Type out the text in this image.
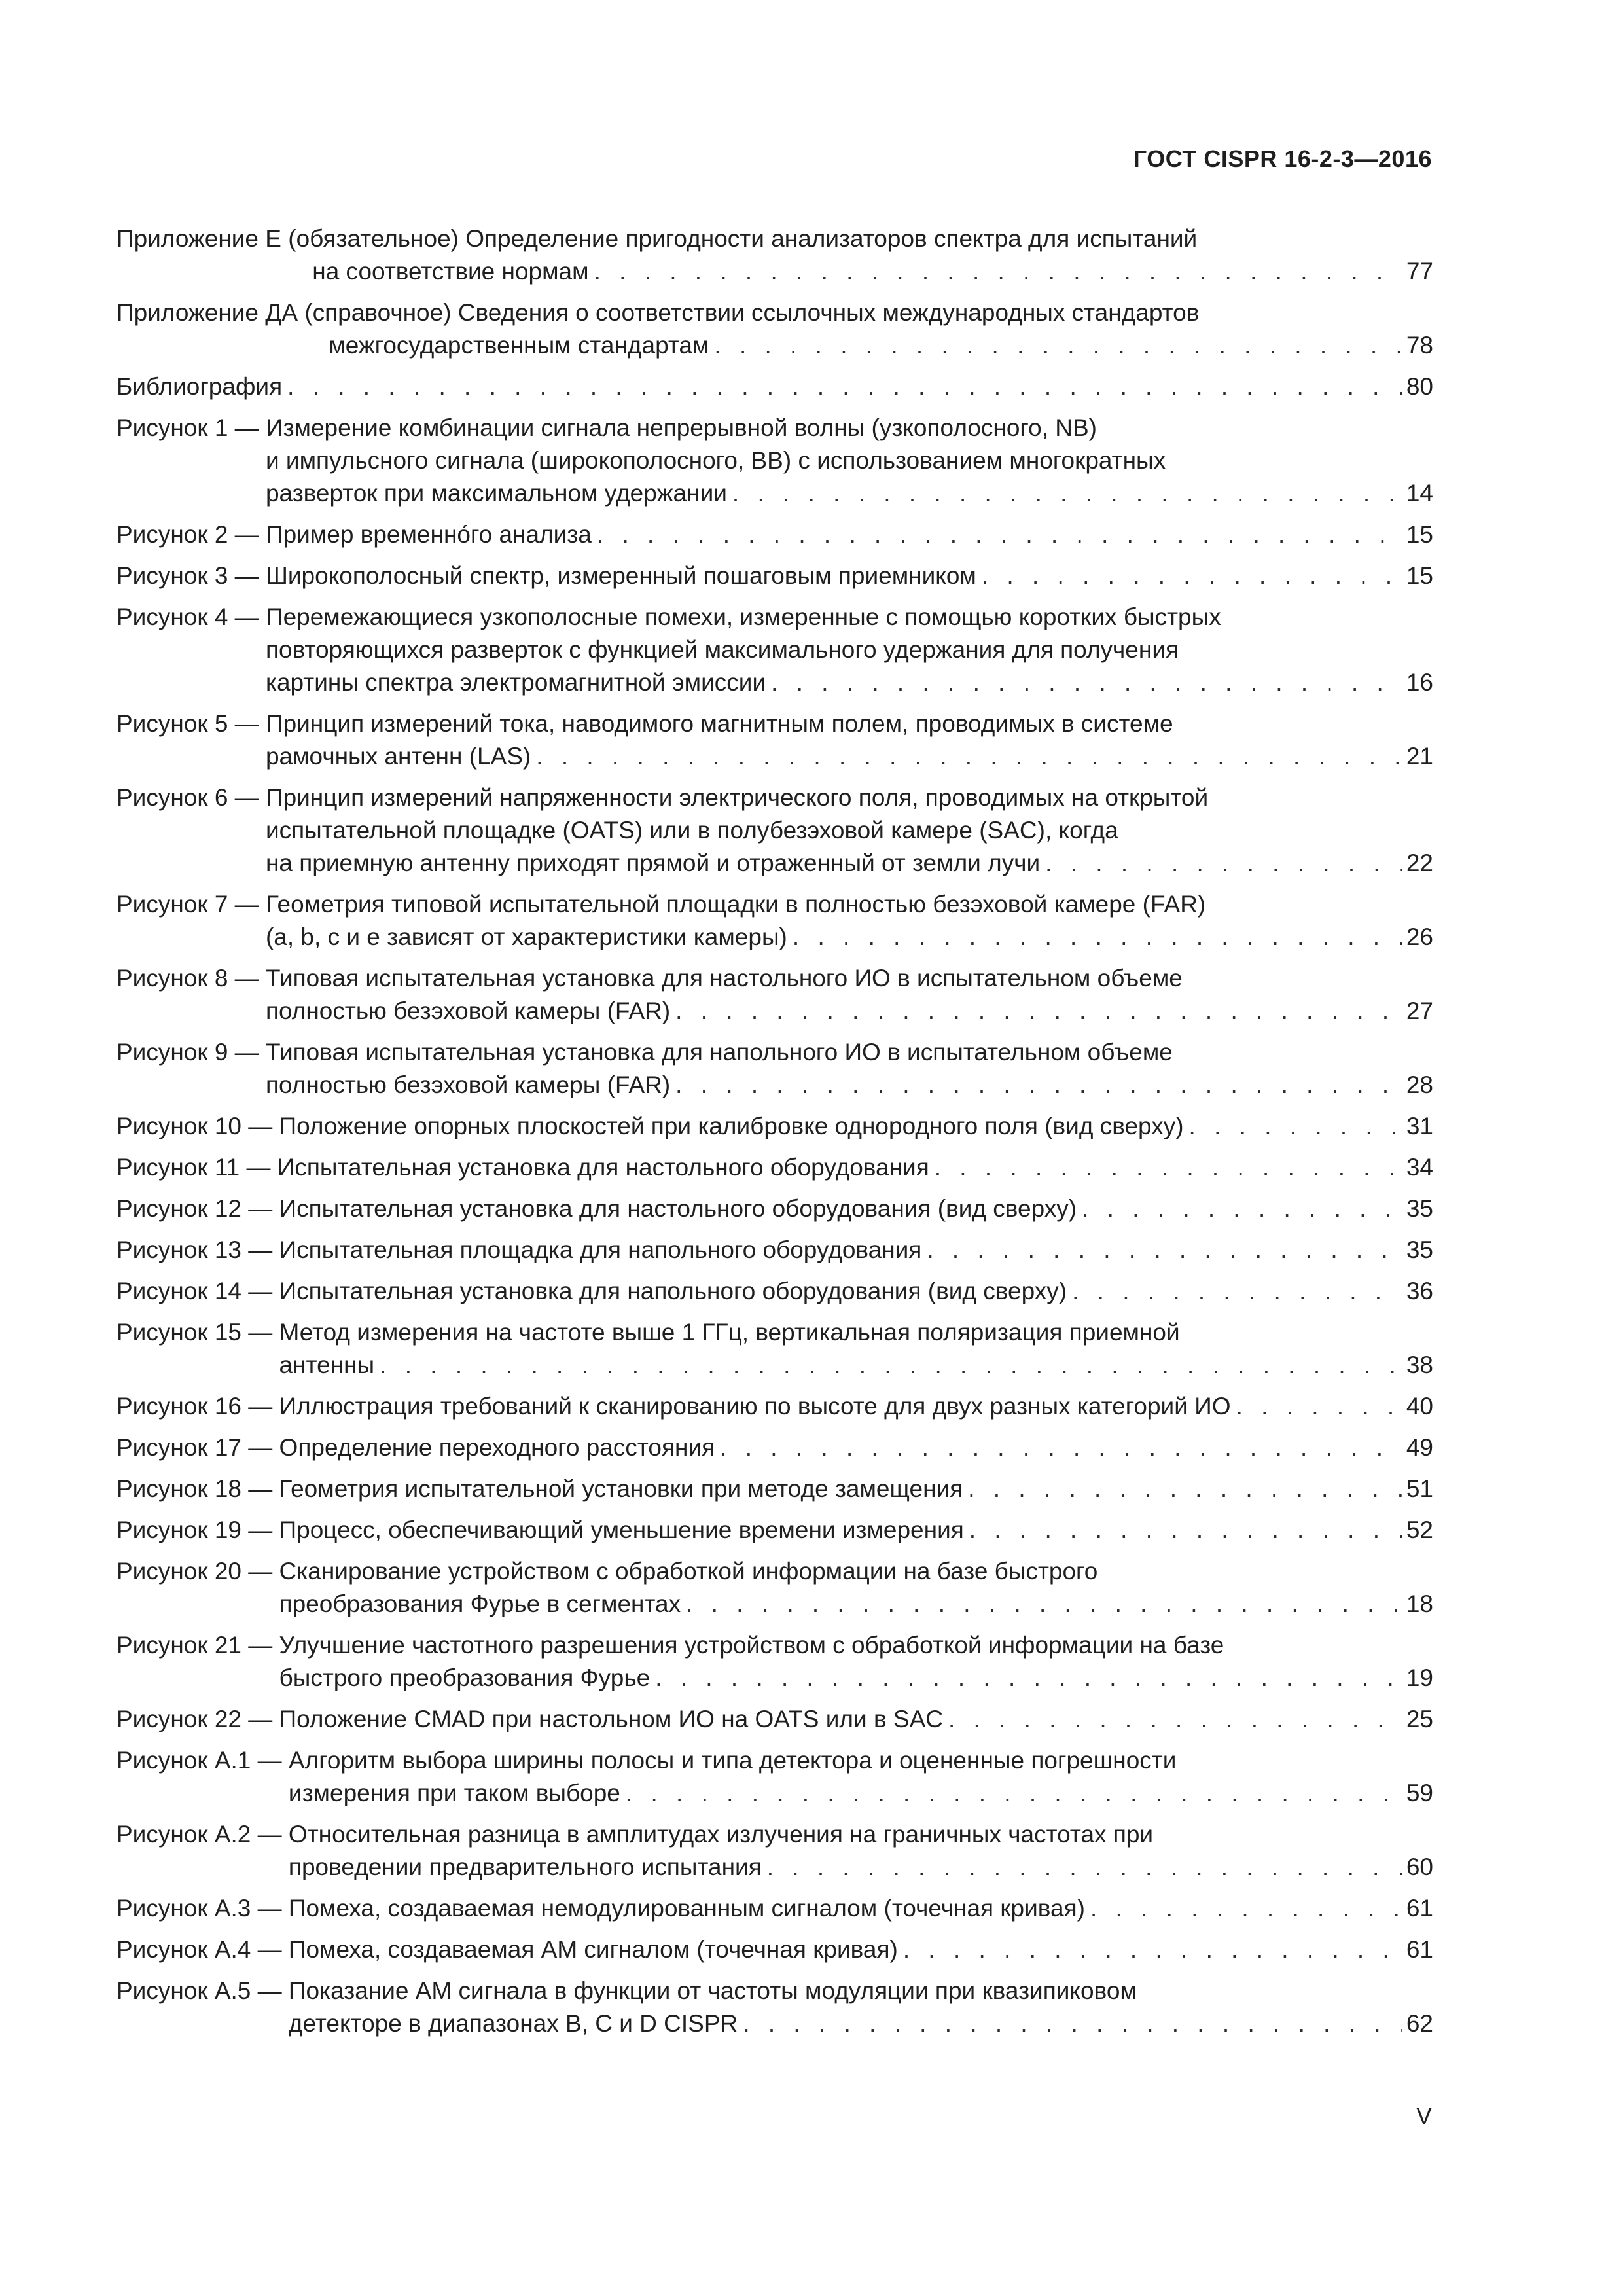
ГОСТ CISPR 16-2-3—2016
Приложение Е (обязательное) Определение пригодности анализаторов спектра для испытаний
на соответствие нормам . . .	77
Приложение ДА (справочное) Сведения о соответствии ссылочных международных стандартов
межгосударственным стандартам . . .	78
Библиография . . .	80
Рисунок 1 — Измерение комбинации сигнала непрерывной волны (узкополосного, NB)
и импульсного сигнала (широкополосного, BB) с использованием многократных
разверток при максимальном удержании . . .	14
Рисунок 2 — Пример временно́го анализа . . .	15
Рисунок 3 — Широкополосный спектр, измеренный пошаговым приемником . . .	15
Рисунок 4 — Перемежающиеся узкополосные помехи, измеренные с помощью коротких быстрых
повторяющихся разверток с функцией максимального удержания для получения
картины спектра электромагнитной эмиссии . . .	16
Рисунок 5 — Принцип измерений тока, наводимого магнитным полем, проводимых в системе
рамочных антенн (LAS) . . .	21
Рисунок 6 — Принцип измерений напряженности электрического поля, проводимых на открытой
испытательной площадке (OATS) или в полубезэховой камере (SAC), когда
на приемную антенну приходят прямой и отраженный от земли лучи . . .	22
Рисунок 7 — Геометрия типовой испытательной площадки в полностью безэховой камере (FAR)
(a, b, c и e зависят от характеристики камеры) . . .	26
Рисунок 8 — Типовая испытательная установка для настольного ИО в испытательном объеме
полностью безэховой камеры (FAR) . . .	27
Рисунок 9 — Типовая испытательная установка для напольного ИО в испытательном объеме
полностью безэховой камеры (FAR) . . .	28
Рисунок 10 — Положение опорных плоскостей при калибровке однородного поля (вид сверху) . . .	31
Рисунок 11 — Испытательная установка для настольного оборудования . . .	34
Рисунок 12 — Испытательная установка для настольного оборудования (вид сверху) . . .	35
Рисунок 13 — Испытательная площадка для напольного оборудования . . .	35
Рисунок 14 — Испытательная установка для напольного оборудования (вид сверху) . . .	36
Рисунок 15 — Метод измерения на частоте выше 1 ГГц, вертикальная поляризация приемной
антенны . . .	38
Рисунок 16 — Иллюстрация требований к сканированию по высоте для двух разных категорий ИО . . .	40
Рисунок 17 — Определение переходного расстояния . . .	49
Рисунок 18 — Геометрия испытательной установки при методе замещения . . .	51
Рисунок 19 — Процесс, обеспечивающий уменьшение времени измерения . . .	52
Рисунок 20 — Сканирование устройством с обработкой информации на базе быстрого
преобразования Фурье в сегментах . . .	18
Рисунок 21 — Улучшение частотного разрешения устройством с обработкой информации на базе
быстрого преобразования Фурье . . .	19
Рисунок 22 — Положение CMAD при настольном ИО на OATS или в SAC . . .	25
Рисунок А.1 — Алгоритм выбора ширины полосы и типа детектора и оцененные погрешности
измерения при таком выборе . . .	59
Рисунок А.2 — Относительная разница в амплитудах излучения на граничных частотах при
проведении предварительного испытания . . .	60
Рисунок А.3 — Помеха, создаваемая немодулированным сигналом (точечная кривая) . . .	61
Рисунок А.4 — Помеха, создаваемая АМ сигналом (точечная кривая) . . .	61
Рисунок А.5 — Показание АМ сигнала в функции от частоты модуляции при квазипиковом
детекторе в диапазонах B, C и D CISPR . . .	62
V
